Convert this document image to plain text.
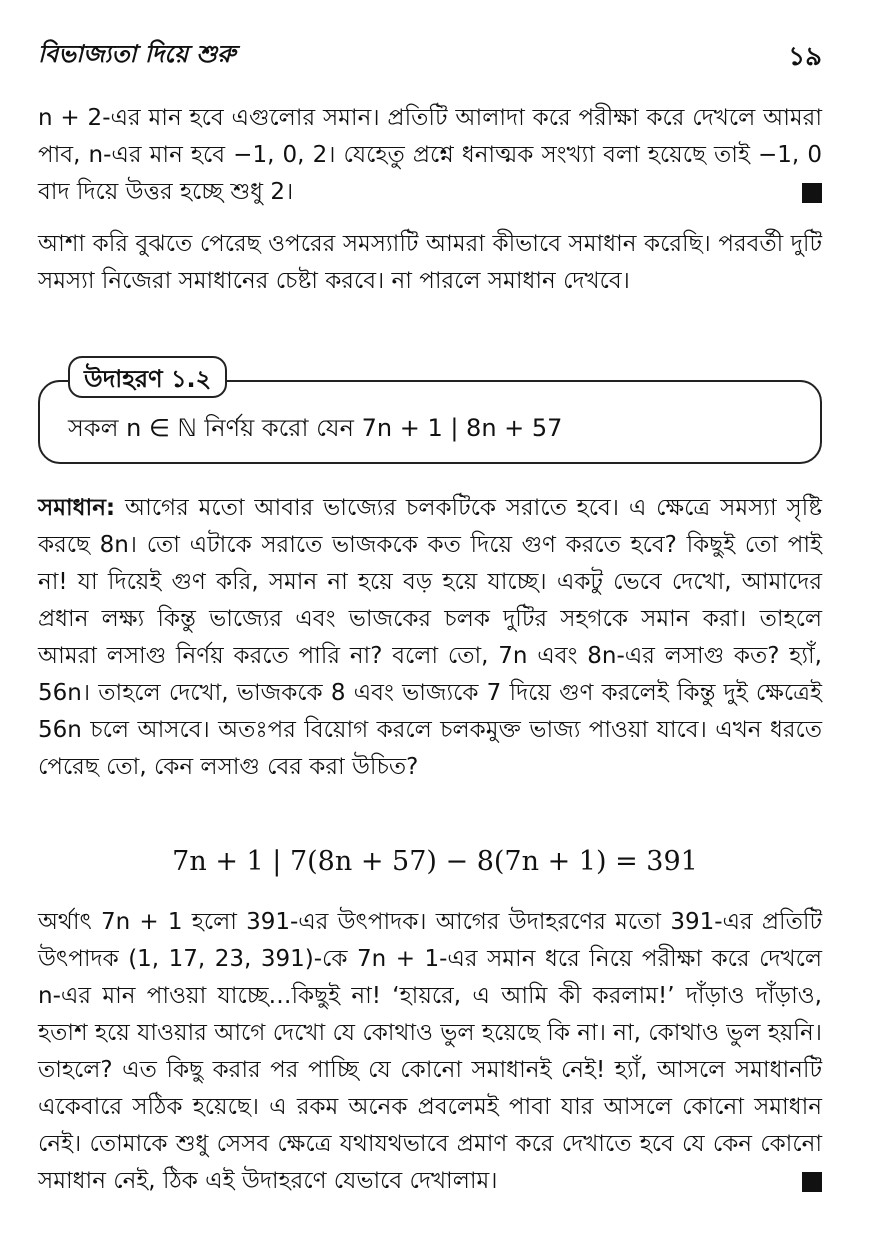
বিভাজ্যতা দিয়ে শুরু	১৯
n + 2-এর মান হবে এগুলোর সমান। প্রতিটি আলাদা করে পরীক্ষা করে দেখলে আমরা পাব, n-এর মান হবে −1, 0, 2। যেহেতু প্রশ্নে ধনাত্মক সংখ্যা বলা হয়েছে তাই −1, 0 বাদ দিয়ে উত্তর হচ্ছে শুধু 2।
আশা করি বুঝতে পেরেছ ওপরের সমস্যাটি আমরা কীভাবে সমাধান করেছি। পরবর্তী দুটি সমস্যা নিজেরা সমাধানের চেষ্টা করবে। না পারলে সমাধান দেখবে।
উদাহরণ ১.২
সকল n ∈ ℕ নির্ণয় করো যেন 7n + 1 | 8n + 57
সমাধান: আগের মতো আবার ভাজ্যের চলকটিকে সরাতে হবে। এ ক্ষেত্রে সমস্যা সৃষ্টি করছে 8n। তো এটাকে সরাতে ভাজককে কত দিয়ে গুণ করতে হবে? কিছুই তো পাই না! যা দিয়েই গুণ করি, সমান না হয়ে বড় হয়ে যাচ্ছে। একটু ভেবে দেখো, আমাদের প্রধান লক্ষ্য কিন্তু ভাজ্যের এবং ভাজকের চলক দুটির সহগকে সমান করা। তাহলে আমরা লসাগু নির্ণয় করতে পারি না? বলো তো, 7n এবং 8n-এর লসাগু কত? হ্যাঁ, 56n। তাহলে দেখো, ভাজককে 8 এবং ভাজ্যকে 7 দিয়ে গুণ করলেই কিন্তু দুই ক্ষেত্রেই 56n চলে আসবে। অতঃপর বিয়োগ করলে চলকমুক্ত ভাজ্য পাওয়া যাবে। এখন ধরতে পেরেছ তো, কেন লসাগু বের করা উচিত?
7n + 1 | 7(8n + 57) − 8(7n + 1) = 391
অর্থাৎ 7n + 1 হলো 391-এর উৎপাদক। আগের উদাহরণের মতো 391-এর প্রতিটি উৎপাদক (1, 17, 23, 391)-কে 7n + 1-এর সমান ধরে নিয়ে পরীক্ষা করে দেখলে n-এর মান পাওয়া যাচ্ছে…কিছুই না! ‘হায়রে, এ আমি কী করলাম!’ দাঁড়াও দাঁড়াও, হতাশ হয়ে যাওয়ার আগে দেখো যে কোথাও ভুল হয়েছে কি না। না, কোথাও ভুল হয়নি। তাহলে? এত কিছু করার পর পাচ্ছি যে কোনো সমাধানই নেই! হ্যাঁ, আসলে সমাধানটি একেবারে সঠিক হয়েছে। এ রকম অনেক প্রবলেমই পাবা যার আসলে কোনো সমাধান নেই। তোমাকে শুধু সেসব ক্ষেত্রে যথাযথভাবে প্রমাণ করে দেখাতে হবে যে কেন কোনো সমাধান নেই, ঠিক এই উদাহরণে যেভাবে দেখালাম।
